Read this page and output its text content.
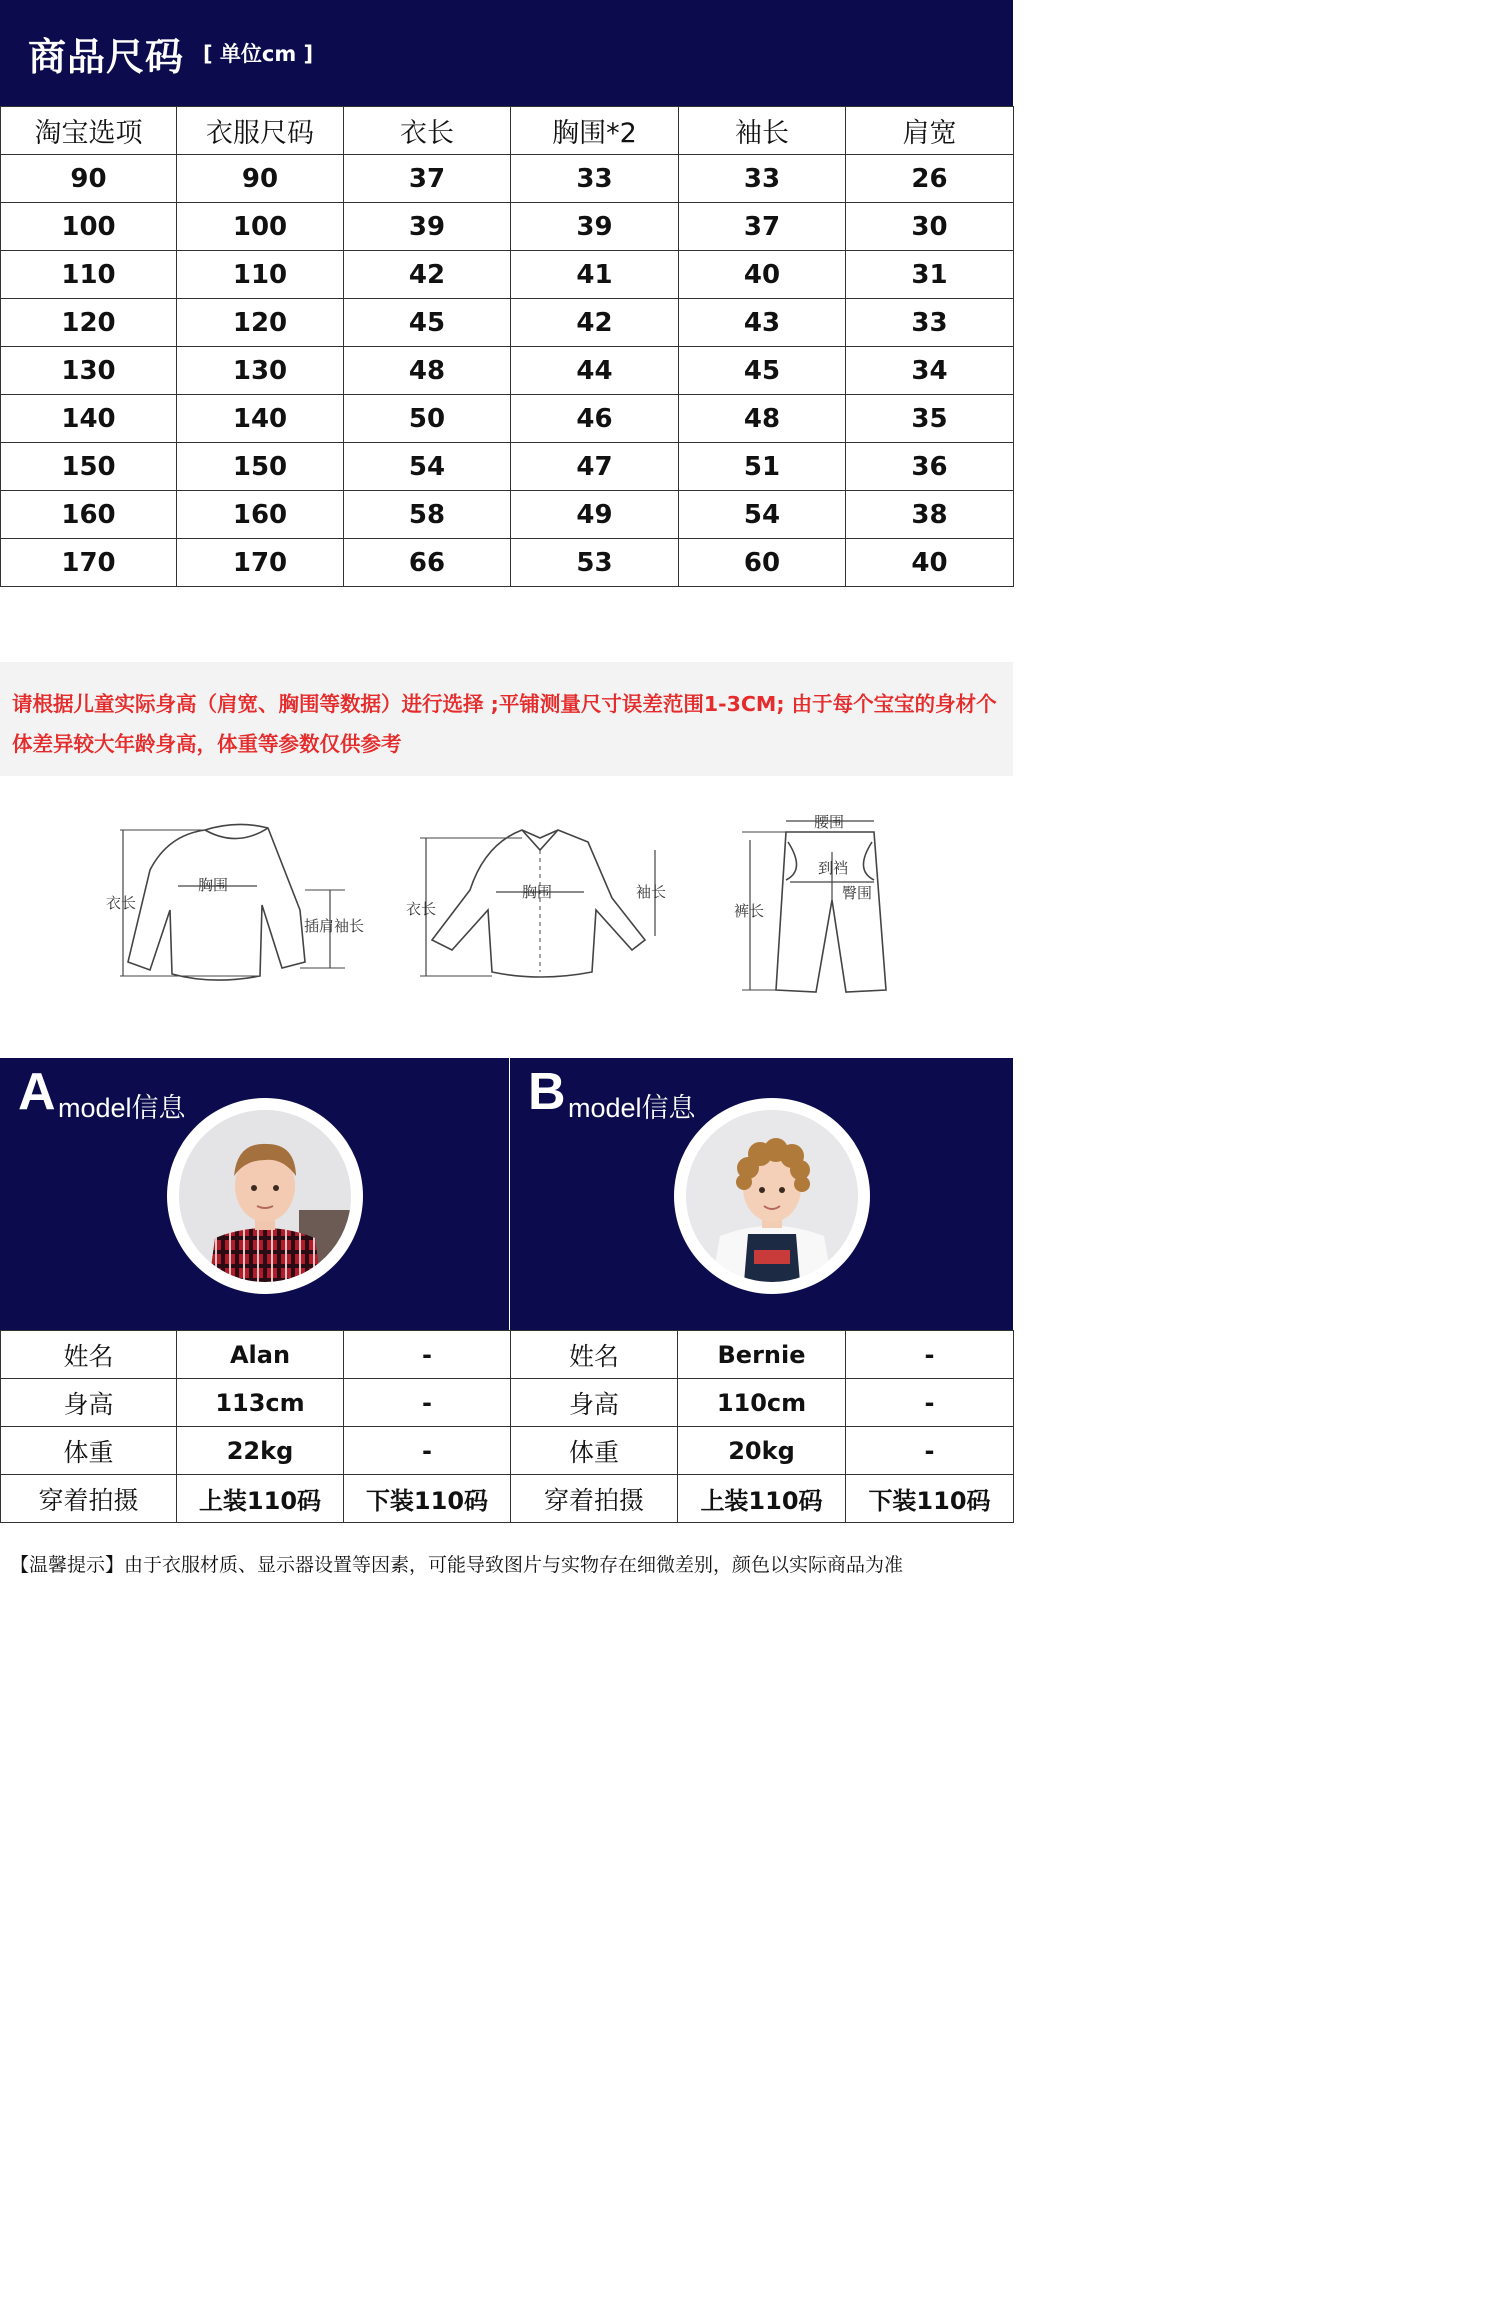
商品尺码 [ 单位cm ]
淘宝选项	衣服尺码	衣长	胸围*2	袖长	肩宽
90	90	37	33	33	26
100	100	39	39	37	30
110	110	42	41	40	31
120	120	45	42	43	33
130	130	48	44	45	34
140	140	50	46	48	35
150	150	54	47	51	36
160	160	58	49	54	38
170	170	66	53	60	40

请根据儿童实际身高（肩宽、胸围等数据）进行选择 ;平铺测量尺寸误差范围1-3CM; 由于每个宝宝的身材个体差异较大年龄身高，体重等参数仅供参考

衣长
胸围
插肩袖长
衣长
胸围	袖长
腰围
到裆
臀围
裤长
A model信息	B model信息
姓名	Alan	-	姓名	Bernie	-
身高	113cm	-	身高	110cm	-
体重	22kg	-	体重	20kg	-
穿着拍摄	上装110码	下装110码	穿着拍摄	上装110码	下装110码
【温馨提示】由于衣服材质、显示器设置等因素，可能导致图片与实物存在细微差别，颜色以实际商品为准
